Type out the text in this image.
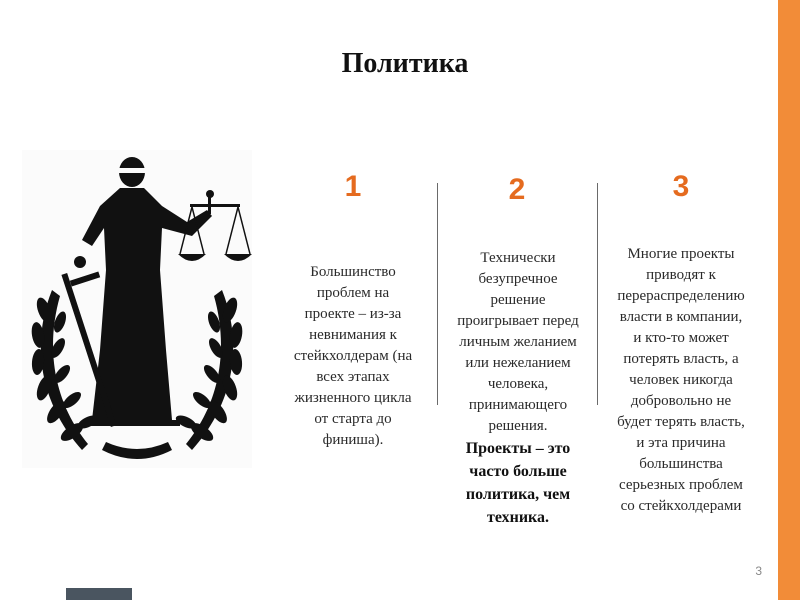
Политика
1
Большинство проблем на проекте – из-за невнимания к стейкхолдерам (на всех этапах жизненного цикла от старта до финиша).
2
Технически безупречное решение проигрывает перед личным желанием или нежеланием человека, принимающего решения.
Проекты – это часто больше политика, чем техника.
3
Многие проекты приводят к перераспределению власти в компании, и кто-то может потерять власть, а человек никогда добровольно не будет терять власть, и эта причина большинства серьезных проблем со стейкхолдерами
3
